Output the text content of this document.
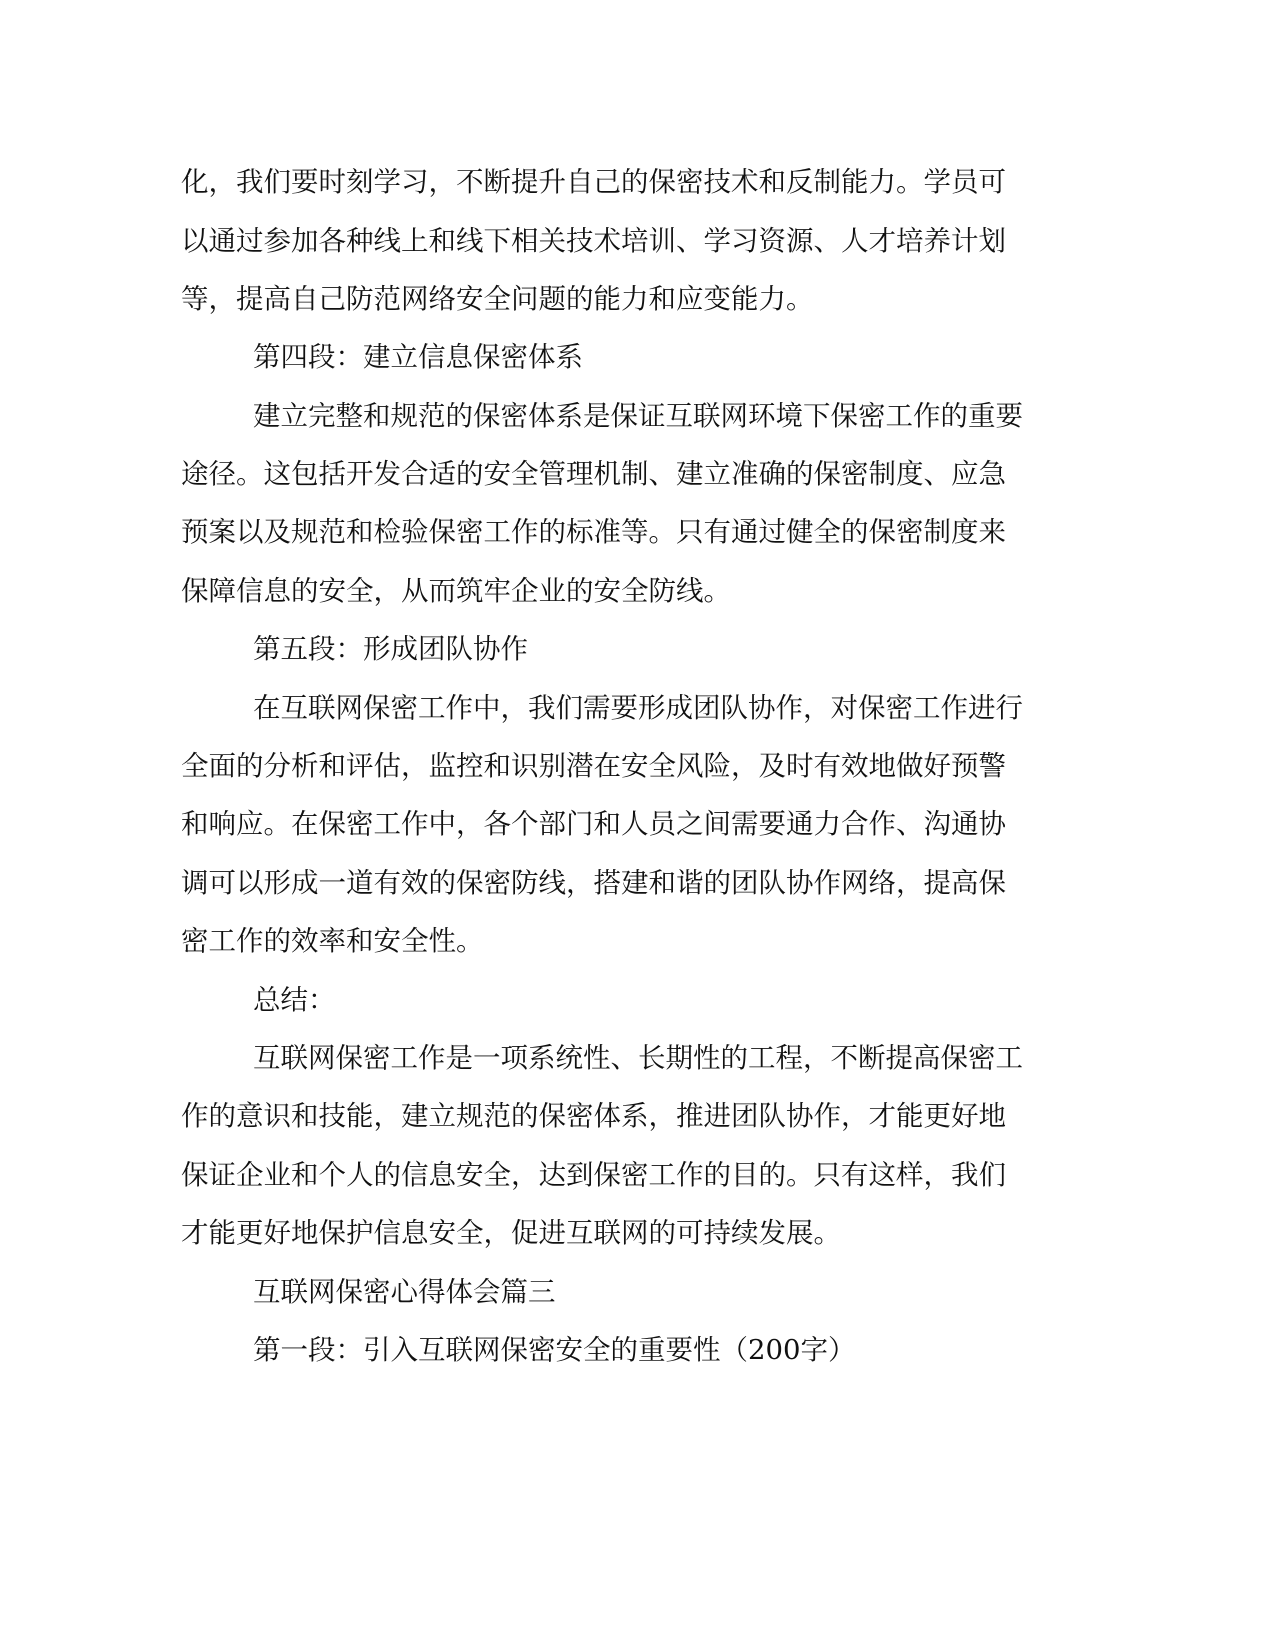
化，我们要时刻学习，不断提升自己的保密技术和反制能力。学员可
以通过参加各种线上和线下相关技术培训、学习资源、人才培养计划
等，提高自己防范网络安全问题的能力和应变能力。
第四段：建立信息保密体系
建立完整和规范的保密体系是保证互联网环境下保密工作的重要
途径。这包括开发合适的安全管理机制、建立准确的保密制度、应急
预案以及规范和检验保密工作的标准等。只有通过健全的保密制度来
保障信息的安全，从而筑牢企业的安全防线。
第五段：形成团队协作
在互联网保密工作中，我们需要形成团队协作，对保密工作进行
全面的分析和评估，监控和识别潜在安全风险，及时有效地做好预警
和响应。在保密工作中，各个部门和人员之间需要通力合作、沟通协
调可以形成一道有效的保密防线，搭建和谐的团队协作网络，提高保
密工作的效率和安全性。
总结：
互联网保密工作是一项系统性、长期性的工程，不断提高保密工
作的意识和技能，建立规范的保密体系，推进团队协作，才能更好地
保证企业和个人的信息安全，达到保密工作的目的。只有这样，我们
才能更好地保护信息安全，促进互联网的可持续发展。
互联网保密心得体会篇三
第一段：引入互联网保密安全的重要性（200字）
